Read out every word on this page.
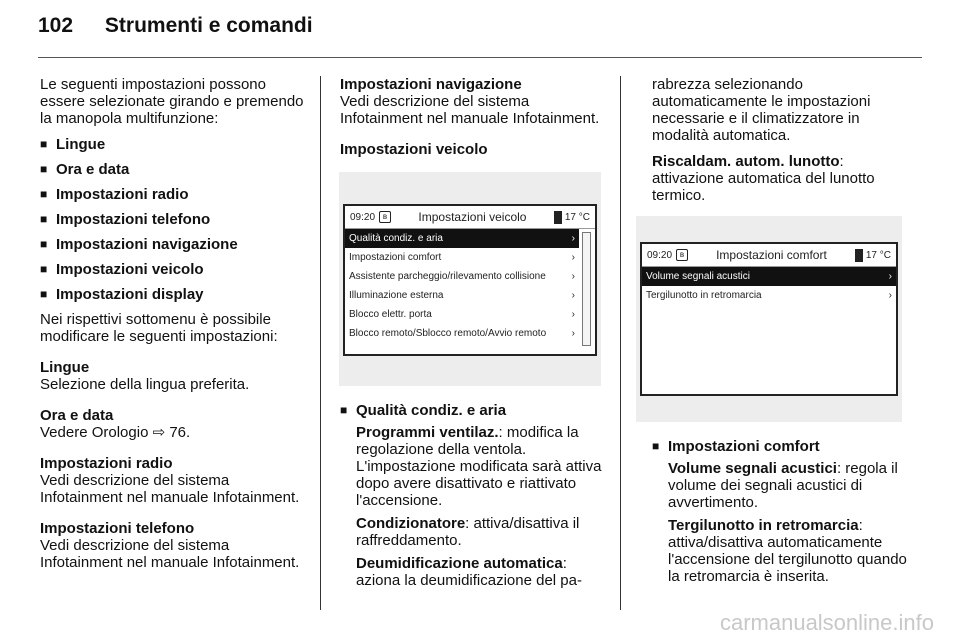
102 Strumenti e comandi

Le seguenti impostazioni possono essere selezionate girando e premendo la manopola multifunzione:

■ Lingue
■ Ora e data
■ Impostazioni radio
■ Impostazioni telefono
■ Impostazioni navigazione
■ Impostazioni veicolo
■ Impostazioni display

Nei rispettivi sottomenu è possibile modificare le seguenti impostazioni:

Lingue
Selezione della lingua preferita.
Ora e data
Vedere Orologio ⇨ 76.
Impostazioni radio
Vedi descrizione del sistema Infotainment nel manuale Infotainment.
Impostazioni telefono
Vedi descrizione del sistema Infotainment nel manuale Infotainment.
Impostazioni navigazione
Vedi descrizione del sistema Infotainment nel manuale Infotainment.
Impostazioni veicolo
09:20 ʙ	Impostazioni veicolo	17 °C
Qualità condiz. e aria	›
Impostazioni comfort	›
Assistente parcheggio/rilevamento collisione	›
Illuminazione esterna	›
Blocco elettr. porta	›
Blocco remoto/Sblocco remoto/Avvio remoto	›
■ Qualità condiz. e aria

Programmi ventilaz.: modifica la regolazione della ventola. L'impostazione modificata sarà attiva dopo avere disattivato e riattivato l'accensione.

Condizionatore: attiva/disattiva il raffreddamento.

Deumidificazione automatica: aziona la deumidificazione del pa-

rabrezza selezionando automaticamente le impostazioni necessarie e il climatizzatore in modalità automatica.

Riscaldam. autom. lunotto: attivazione automatica del lunotto termico.

09:20 ʙ	Impostazioni comfort	17 °C
Volume segnali acustici	›
Tergilunotto in retromarcia	›
■ Impostazioni comfort

Volume segnali acustici: regola il volume dei segnali acustici di avvertimento.

Tergilunotto in retromarcia: attiva/disattiva automaticamente l'accensione del tergilunotto quando la retromarcia è inserita.

carmanualsonline.info
